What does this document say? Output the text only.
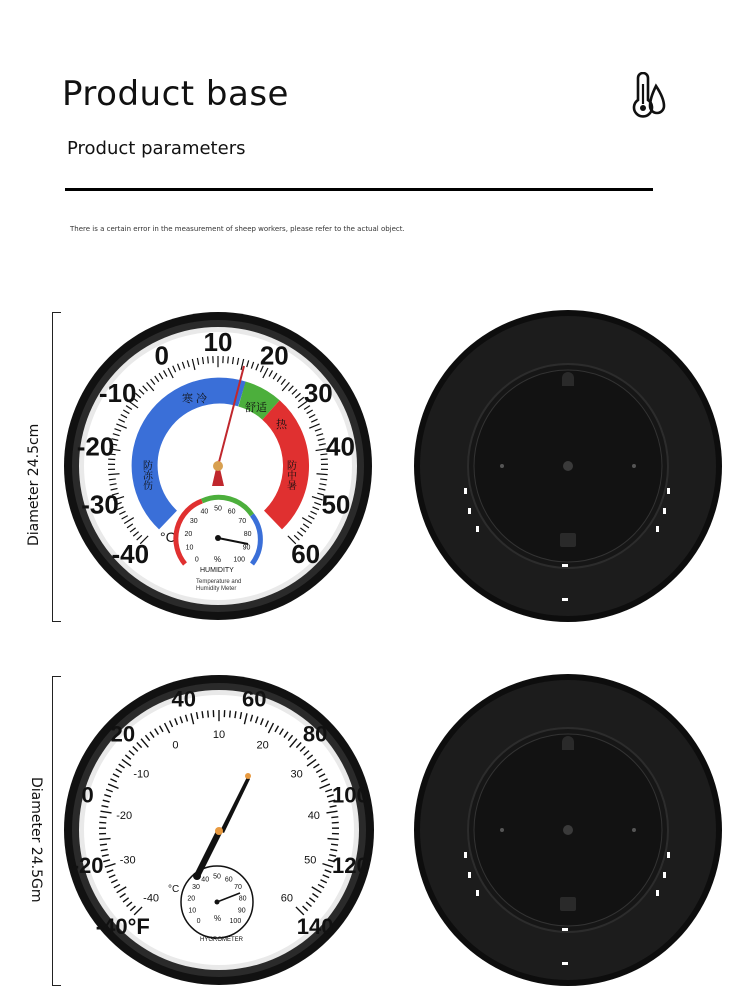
Product base
Product parameters
There is a certain error in the measurement of sheep workers, please refer to the actual object.
Diameter 24.5cm
Diameter 24.5Gm
寒 冷
舒适
热
防冻伤	防中暑
-40
-30
-20
-10
0 10 20
30
40
50
60
°C
0
10
20
30
40 50 60
70
80
90
100
%
HUMIDITY
Temperature and
Humidity Meter
-40°F
-20
0
20
40 60
80
100
120
140
-40
-30
-20
-10
0
10
20
30
40
50
60
°C
0
10
20
30
40 50 60
70
80
90
100
%
HYGROMETER
